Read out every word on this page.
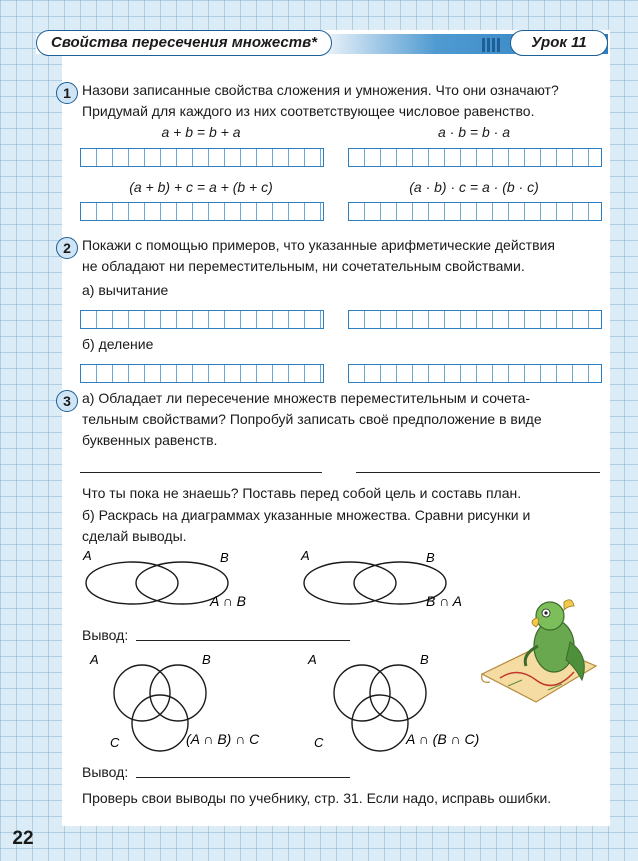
Свойства пересечения множеств*	Урок 11
1 Назови записанные свойства сложения и умножения. Что они означают?
Придумай для каждого из них соответствующее числовое равенство.
a + b = b + a	a · b = b · a
(a + b) + c = a + (b + c)	(a · b) · c = a · (b · c)
2 Покажи с помощью примеров, что указанные арифметические действия
не обладают ни переместительным, ни сочетательным свойствами.
а) вычитание
б) деление
3 а) Обладает ли пересечение множеств переместительным и сочета-
тельным свойствами? Попробуй записать своё предположение в виде
буквенных равенств.
Что ты пока не знаешь? Поставь перед собой цель и составь план.
б) Раскрась на диаграммах указанные множества. Сравни рисунки и
сделай выводы.
A	B
A ∩ B
A	B
B ∩ A
Вывод:
A	B
C	(A ∩ B) ∩ C
A	B
C	A ∩ (B ∩ C)
Вывод:
Проверь свои выводы по учебнику, стр. 31. Если надо, исправь ошибки.
22
